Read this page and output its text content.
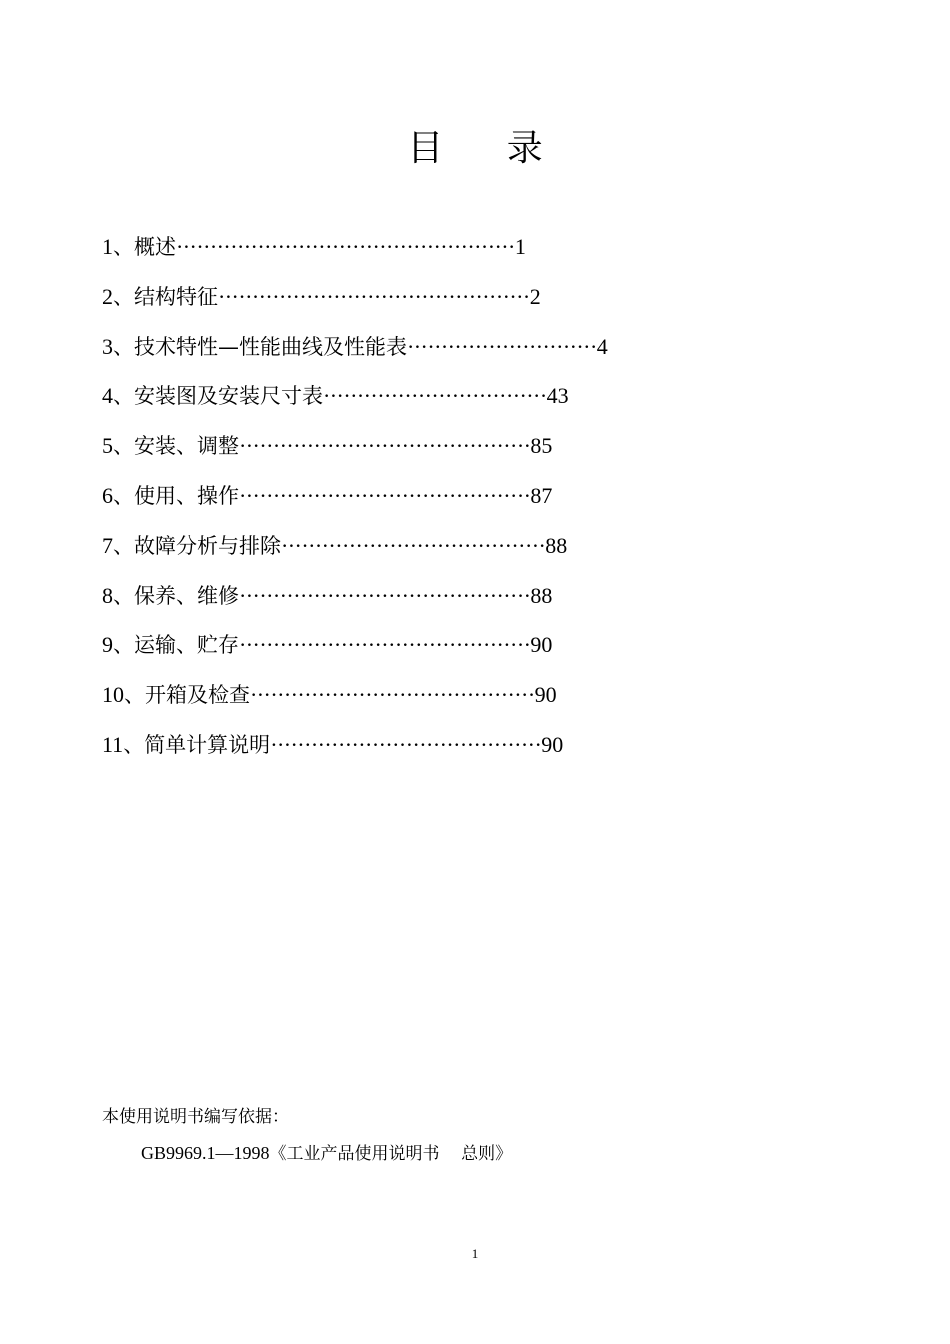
目 录
1、概述··················································1
2、结构特征··············································2
3、技术特性—性能曲线及性能表····························4
4、安装图及安装尺寸表·································43
5、安装、调整···········································85
6、使用、操作···········································87
7、故障分析与排除·······································88
8、保养、维修···········································88
9、运输、贮存···········································90
10、开箱及检查··········································90
11、简单计算说明········································90
本使用说明书编写依据：
GB9969.1—1998《工业产品使用说明书    总则》
1
